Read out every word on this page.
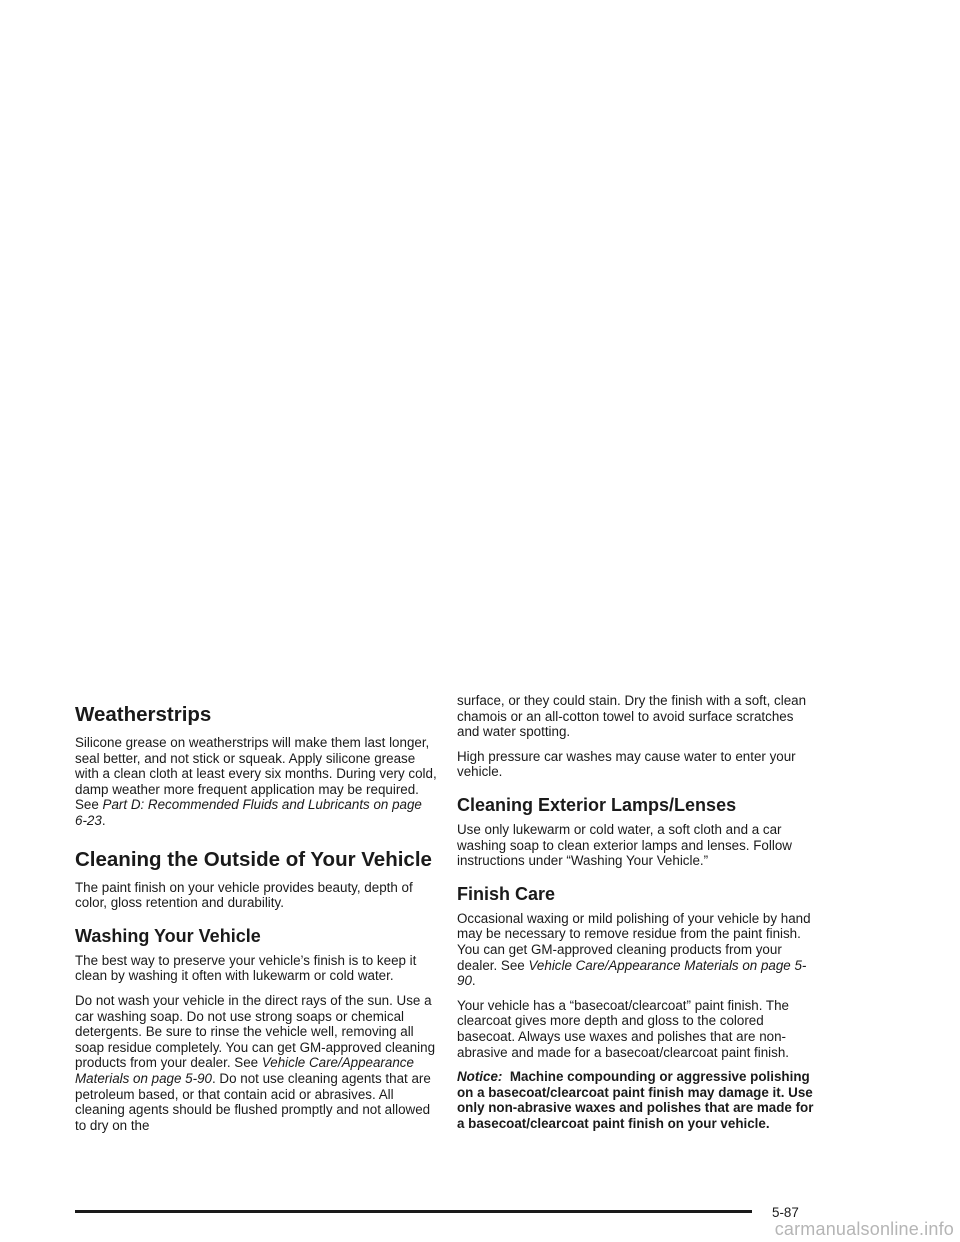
Weatherstrips

Silicone grease on weatherstrips will make them last longer, seal better, and not stick or squeak. Apply silicone grease with a clean cloth at least every six months. During very cold, damp weather more frequent application may be required. See Part D: Recommended Fluids and Lubricants on page 6-23.

Cleaning the Outside of Your Vehicle

The paint finish on your vehicle provides beauty, depth of color, gloss retention and durability.

Washing Your Vehicle

The best way to preserve your vehicle’s finish is to keep it clean by washing it often with lukewarm or cold water.

Do not wash your vehicle in the direct rays of the sun. Use a car washing soap. Do not use strong soaps or chemical detergents. Be sure to rinse the vehicle well, removing all soap residue completely. You can get GM-approved cleaning products from your dealer. See Vehicle Care/Appearance Materials on page 5-90. Do not use cleaning agents that are petroleum based, or that contain acid or abrasives. All cleaning agents should be flushed promptly and not allowed to dry on the

surface, or they could stain. Dry the finish with a soft, clean chamois or an all-cotton towel to avoid surface scratches and water spotting.

High pressure car washes may cause water to enter your vehicle.

Cleaning Exterior Lamps/Lenses

Use only lukewarm or cold water, a soft cloth and a car washing soap to clean exterior lamps and lenses. Follow instructions under “Washing Your Vehicle.”

Finish Care

Occasional waxing or mild polishing of your vehicle by hand may be necessary to remove residue from the paint finish. You can get GM-approved cleaning products from your dealer. See Vehicle Care/Appearance Materials on page 5-90.

Your vehicle has a “basecoat/clearcoat” paint finish. The clearcoat gives more depth and gloss to the colored basecoat. Always use waxes and polishes that are non-abrasive and made for a basecoat/clearcoat paint finish.

Notice: Machine compounding or aggressive polishing on a basecoat/clearcoat paint finish may damage it. Use only non-abrasive waxes and polishes that are made for a basecoat/clearcoat paint finish on your vehicle.

5-87
carmanualsonline.info
